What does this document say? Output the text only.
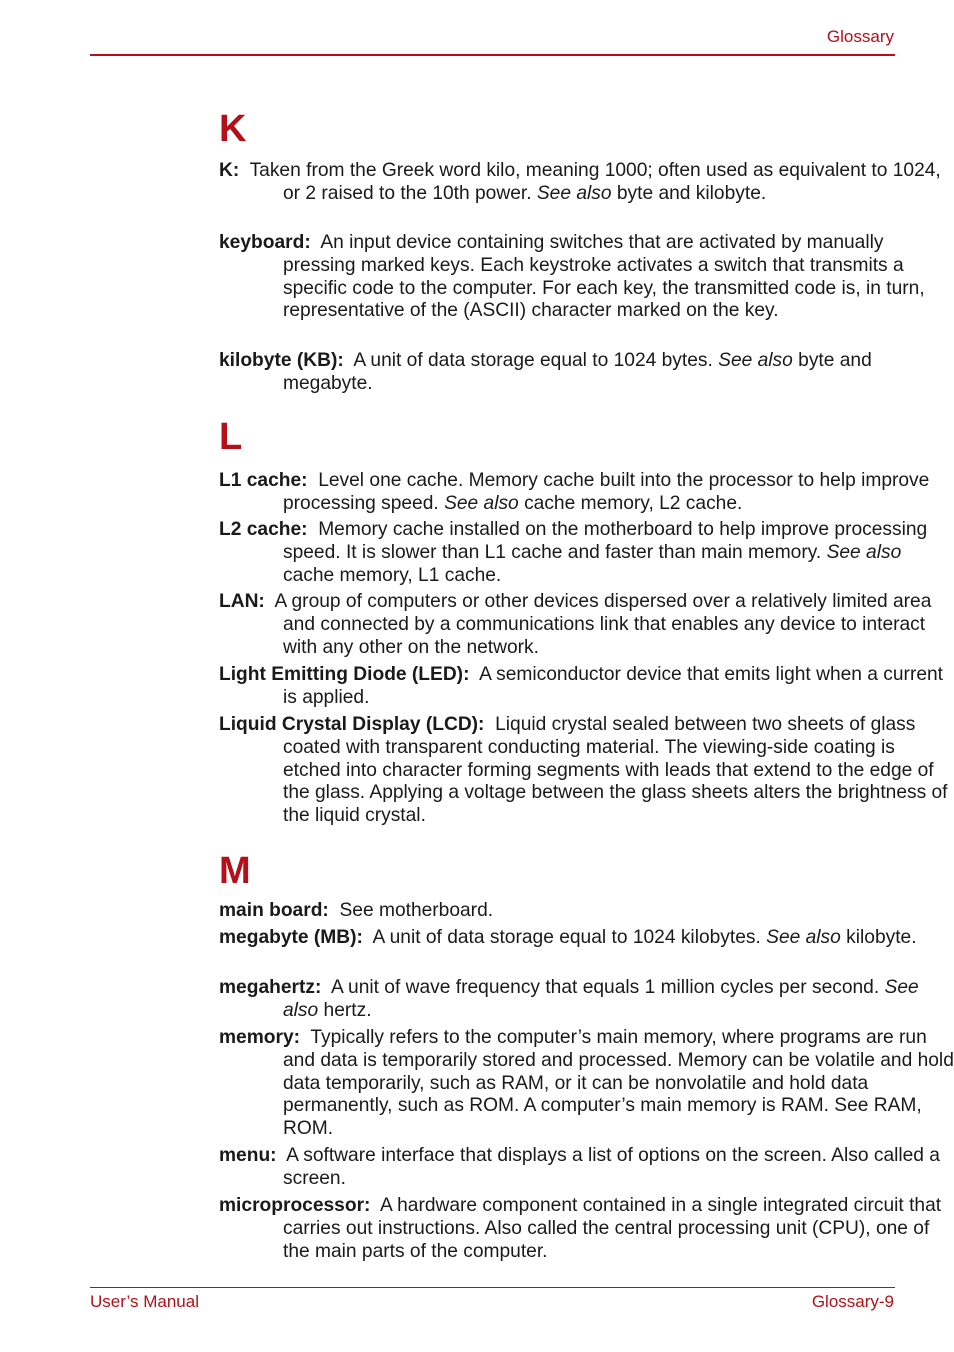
Glossary
K
K: Taken from the Greek word kilo, meaning 1000; often used as equivalent to 1024, or 2 raised to the 10th power. See also byte and kilobyte.
keyboard: An input device containing switches that are activated by manually pressing marked keys. Each keystroke activates a switch that transmits a specific code to the computer. For each key, the transmitted code is, in turn, representative of the (ASCII) character marked on the key.
kilobyte (KB): A unit of data storage equal to 1024 bytes. See also byte and megabyte.
L
L1 cache: Level one cache. Memory cache built into the processor to help improve processing speed. See also cache memory, L2 cache.
L2 cache: Memory cache installed on the motherboard to help improve processing speed. It is slower than L1 cache and faster than main memory. See also cache memory, L1 cache.
LAN: A group of computers or other devices dispersed over a relatively limited area and connected by a communications link that enables any device to interact with any other on the network.
Light Emitting Diode (LED): A semiconductor device that emits light when a current is applied.
Liquid Crystal Display (LCD): Liquid crystal sealed between two sheets of glass coated with transparent conducting material. The viewing-side coating is etched into character forming segments with leads that extend to the edge of the glass. Applying a voltage between the glass sheets alters the brightness of the liquid crystal.
M
main board: See motherboard.
megabyte (MB): A unit of data storage equal to 1024 kilobytes. See also kilobyte.
megahertz: A unit of wave frequency that equals 1 million cycles per second. See also hertz.
memory: Typically refers to the computer’s main memory, where programs are run and data is temporarily stored and processed. Memory can be volatile and hold data temporarily, such as RAM, or it can be nonvolatile and hold data permanently, such as ROM. A computer’s main memory is RAM. See RAM, ROM.
menu: A software interface that displays a list of options on the screen. Also called a screen.
microprocessor: A hardware component contained in a single integrated circuit that carries out instructions. Also called the central processing unit (CPU), one of the main parts of the computer.
User’s Manual	Glossary-9
